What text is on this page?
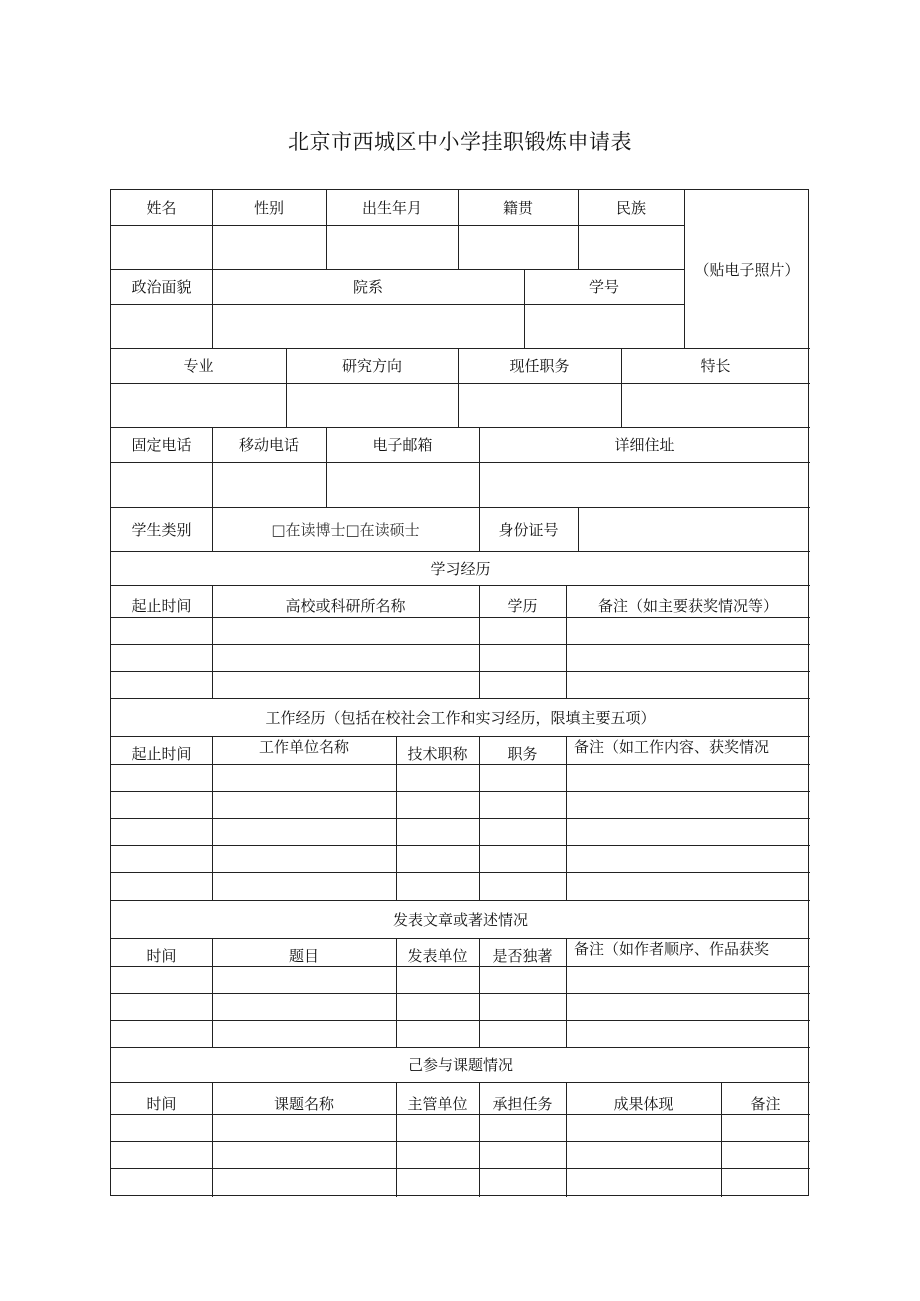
北京市西城区中小学挂职锻炼申请表
姓名	性别	出生年月	籍贯	民族
（贴电子照片）
政治面貌	院系	学号
专业	研究方向	现任职务	特长
固定电话	移动电话	电子邮箱	详细住址
学生类别	□在读博士□在读硕士	身份证号
学习经历
起止时间	高校或科研所名称	学历	备注（如主要获奖情况等）
工作经历（包括在校社会工作和实习经历，限填主要五项）
起止时间	工作单位名称	技术职称	职务	备注（如工作内容、获奖情况
发表文章或著述情况
时间	题目	发表单位	是否独著	备注（如作者顺序、作品获奖
己参与课题情况
时间	课题名称	主管单位	承担任务	成果体现	备注
